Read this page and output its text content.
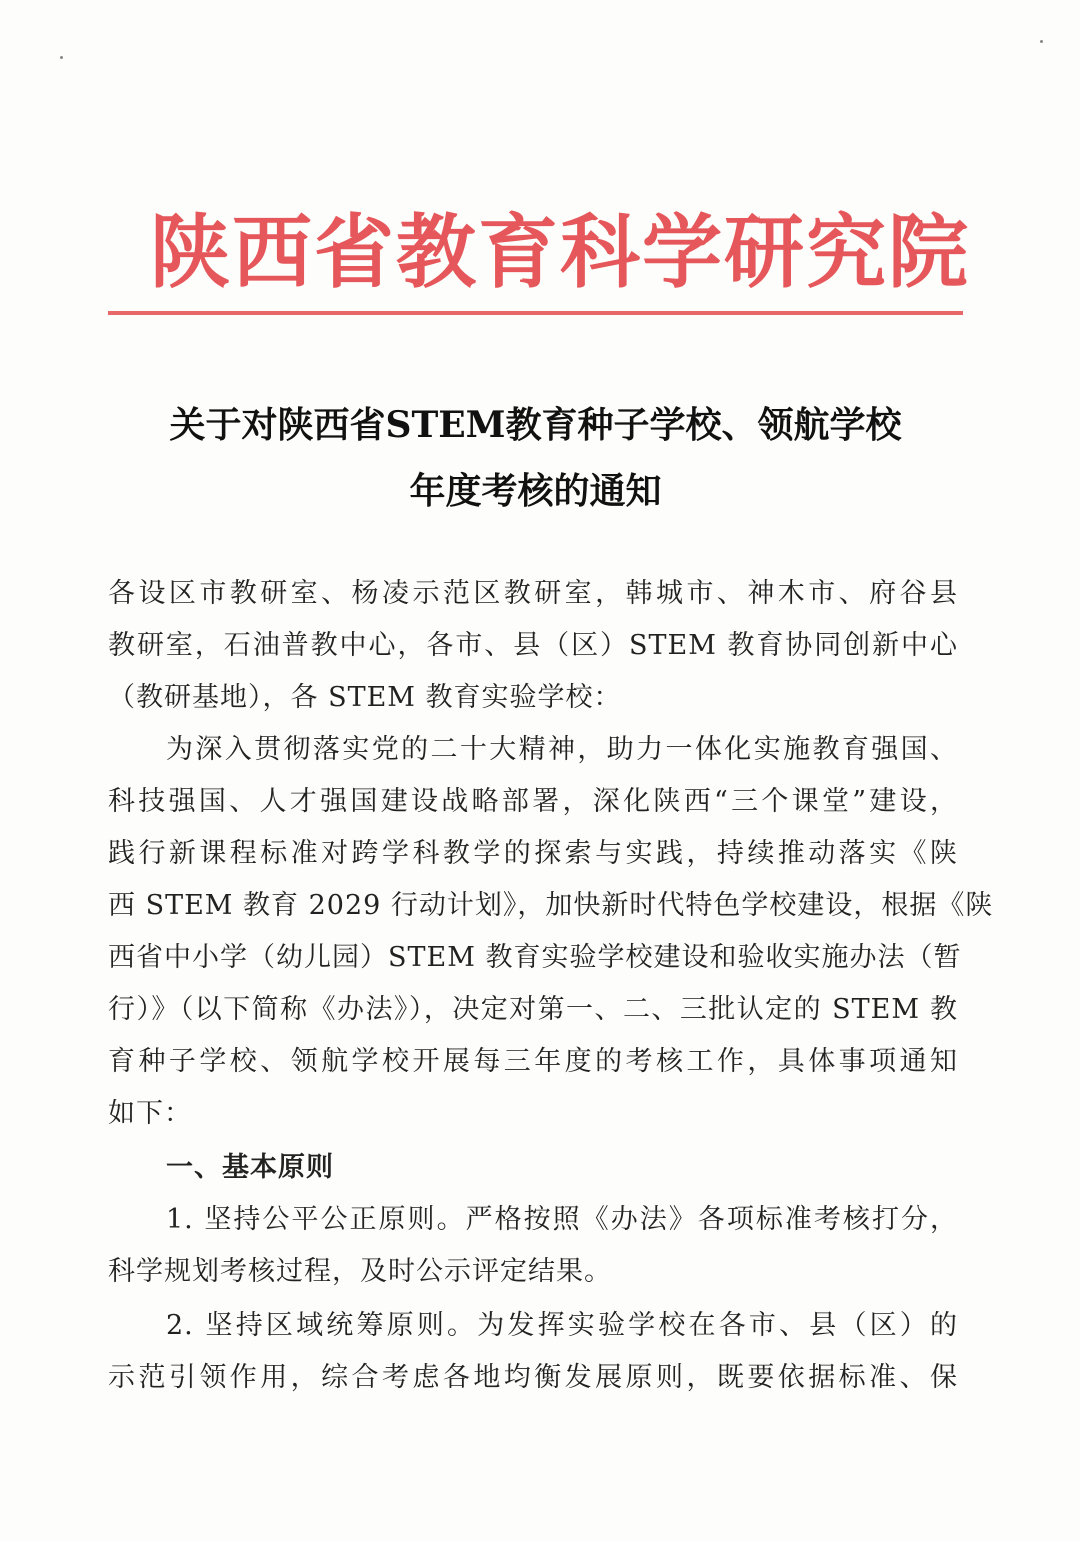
陕西省教育科学研究院
关于对陕西省STEM教育种子学校、领航学校
年度考核的通知
各设区市教研室、杨凌示范区教研室，韩城市、神木市、府谷县
教研室，石油普教中心，各市、县（区）STEM 教育协同创新中心
（教研基地），各 STEM 教育实验学校：
为深入贯彻落实党的二十大精神，助力一体化实施教育强国、
科技强国、人才强国建设战略部署，深化陕西“三个课堂”建设，
践行新课程标准对跨学科教学的探索与实践，持续推动落实《陕
西 STEM 教育 2029 行动计划》，加快新时代特色学校建设，根据《陕
西省中小学（幼儿园）STEM 教育实验学校建设和验收实施办法（暂
行）》（以下简称《办法》），决定对第一、二、三批认定的 STEM 教
育种子学校、领航学校开展每三年度的考核工作，具体事项通知
如下：
一、基本原则
1. 坚持公平公正原则。严格按照《办法》各项标准考核打分，
科学规划考核过程，及时公示评定结果。
2. 坚持区域统筹原则。为发挥实验学校在各市、县（区）的
示范引领作用，综合考虑各地均衡发展原则，既要依据标准、保
